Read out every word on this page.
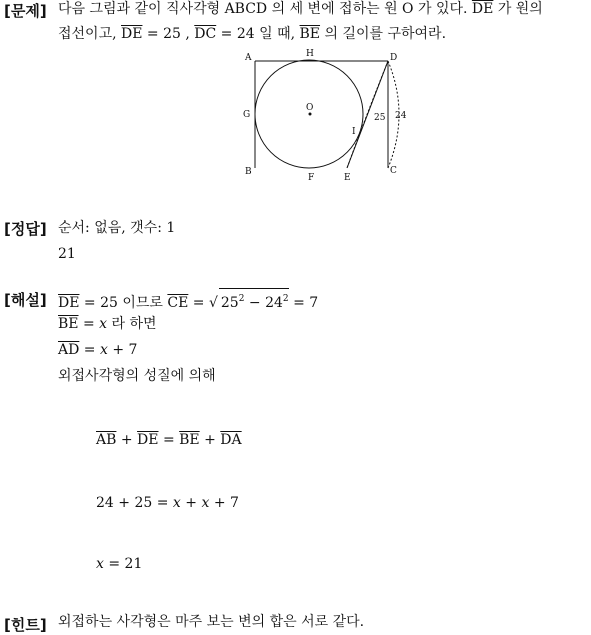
[문제] 다음 그림과 같이 직사각형 ABCD 의 세 변에 접하는 원 O 가 있다. $\overline{DE}$ 가 원의
접선이고, $\overline{DE} = 25$ , $\overline{DC} = 24$ 일 때, $\overline{BE}$ 의 길이를 구하여라.
A	H	D
G
O
I
25 24
B
F	E
C
[정답] 순서: 없음, 갯수: 1
21
[해설] $\overline{DE} = 25$ 이므로 $\overline{CE}$ = √ $25^2 - 24^2 = 7$
$\overline{BE} = x$ 라 하면
$\overline{AD} = x + 7$
외접사각형의 성질에 의해
$\overline{AB} + \overline{DE} = \overline{BE} + \overline{DA}$
24 + 25 = x + x + 7
x = 21
[힌트] 외접하는 사각형은 마주 보는 변의 합은 서로 같다.
